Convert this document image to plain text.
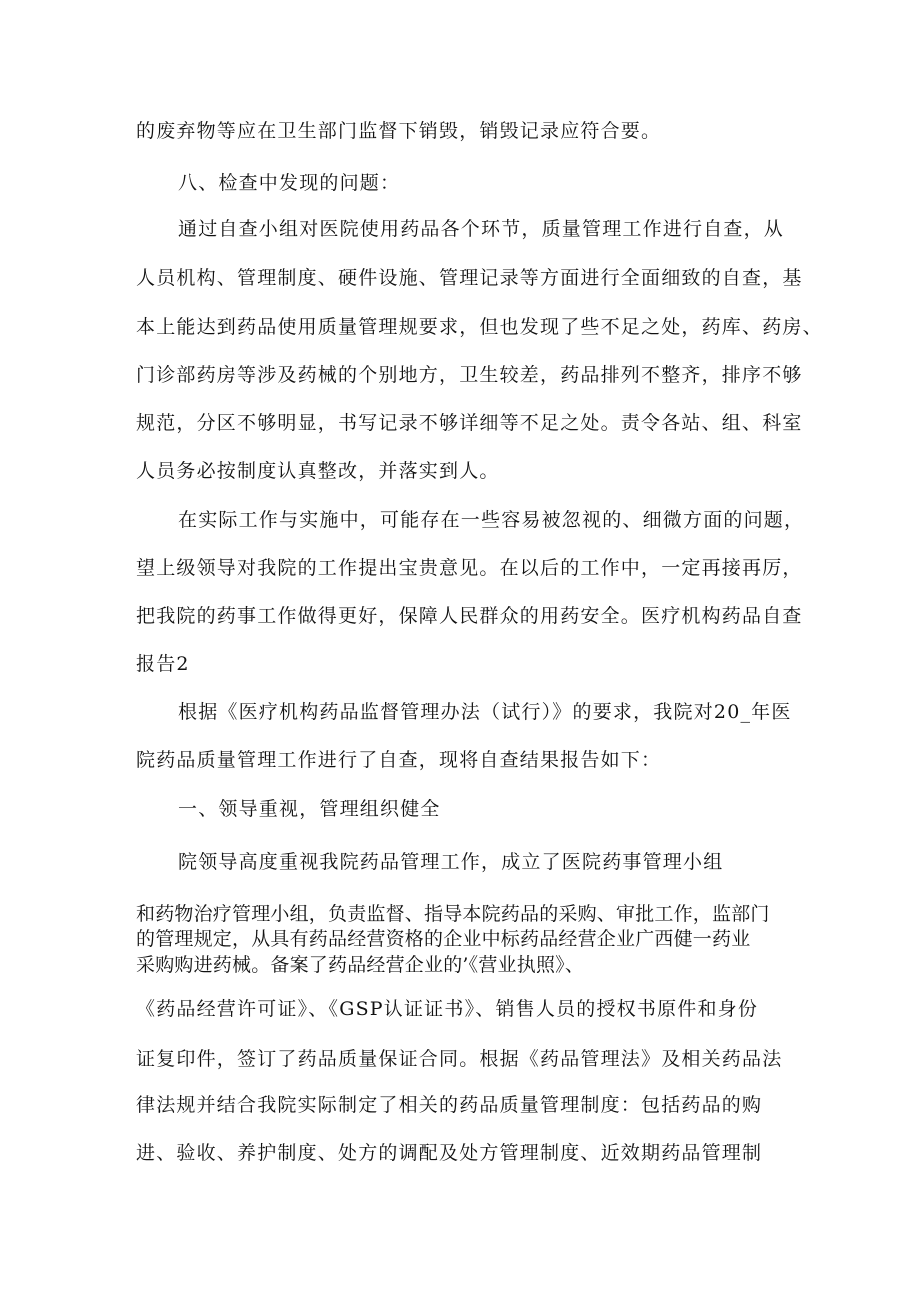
的废弃物等应在卫生部门监督下销毁，销毁记录应符合要。
八、检查中发现的问题：
通过自查小组对医院使用药品各个环节，质量管理工作进行自查，从
人员机构、管理制度、硬件设施、管理记录等方面进行全面细致的自查，基
本上能达到药品使用质量管理规要求，但也发现了些不足之处，药库、药房、
门诊部药房等涉及药械的个别地方，卫生较差，药品排列不整齐，排序不够
规范，分区不够明显，书写记录不够详细等不足之处。责令各站、组、科室
人员务必按制度认真整改，并落实到人。
在实际工作与实施中，可能存在一些容易被忽视的、细微方面的问题，
望上级领导对我院的工作提出宝贵意见。在以后的工作中，一定再接再厉，
把我院的药事工作做得更好，保障人民群众的用药安全。医疗机构药品自查
报告2
根据《医疗机构药品监督管理办法（试行）》的要求，我院对20_年医
院药品质量管理工作进行了自查，现将自查结果报告如下：
一、领导重视，管理组织健全
院领导高度重视我院药品管理工作，成立了医院药事管理小组
和药物治疗管理小组，负责监督、指导本院药品的采购、审批工作，监部门
的管理规定，从具有药品经营资格的企业中标药品经营企业广西健一药业
采购购进药械。备案了药品经营企业的’《营业执照》、
《药品经营许可证》、《GSP认证证书》、销售人员的授权书原件和身份
证复印件，签订了药品质量保证合同。根据《药品管理法》及相关药品法
律法规并结合我院实际制定了相关的药品质量管理制度：包括药品的购
进、验收、养护制度、处方的调配及处方管理制度、近效期药品管理制
